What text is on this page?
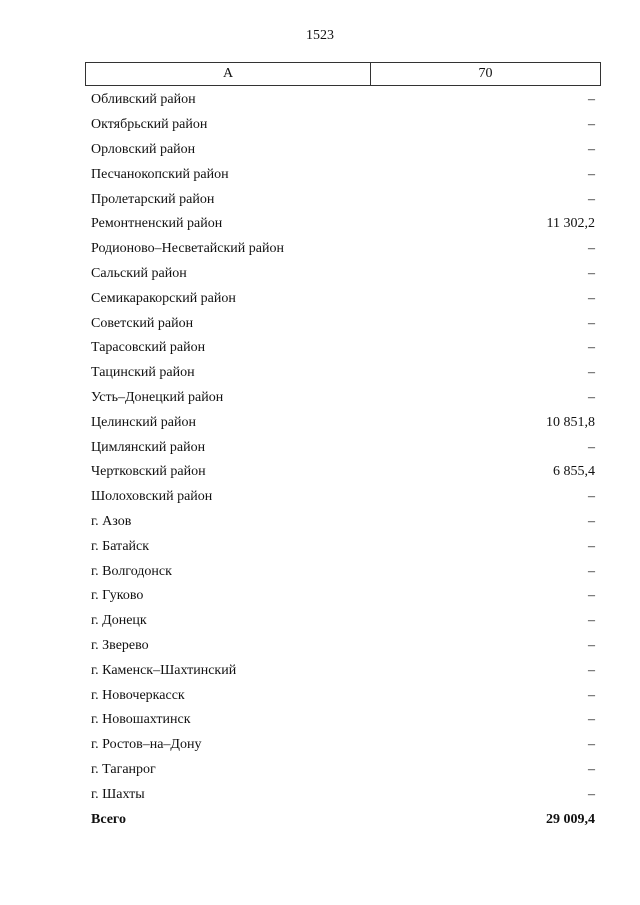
1523
А	70
Обливский район	–
Октябрьский район	–
Орловский район	–
Песчанокопский район	–
Пролетарский район	–
Ремонтненский район	11 302,2
Родионово–Несветайский район	–
Сальский район	–
Семикаракорский район	–
Советский район	–
Тарасовский район	–
Тацинский район	–
Усть–Донецкий район	–
Целинский район	10 851,8
Цимлянский район	–
Чертковский район	6 855,4
Шолоховский район	–
г. Азов	–
г. Батайск	–
г. Волгодонск	–
г. Гуково	–
г. Донецк	–
г. Зверево	–
г. Каменск–Шахтинский	–
г. Новочеркасск	–
г. Новошахтинск	–
г. Ростов–на–Дону	–
г. Таганрог	–
г. Шахты	–
Всего	29 009,4
